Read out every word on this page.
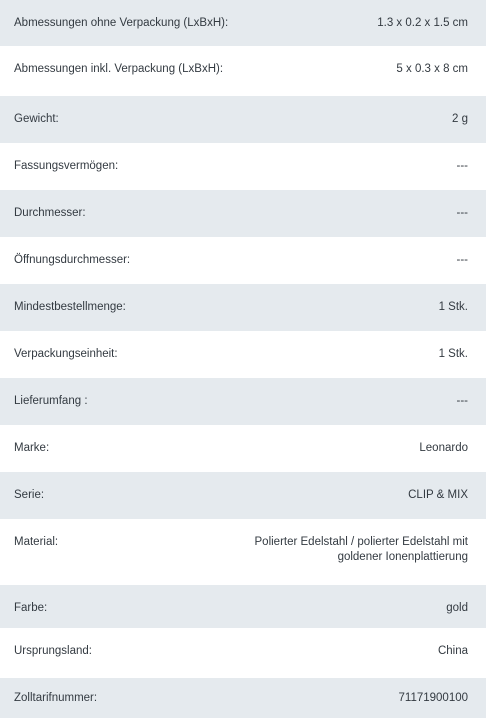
Abmessungen ohne Verpackung (LxBxH):	1.3 x 0.2 x 1.5 cm
Abmessungen inkl. Verpackung (LxBxH):	5 x 0.3 x 8 cm
Gewicht:	2 g
Fassungsvermögen:	---
Durchmesser:	---
Öffnungsdurchmesser:	---
Mindestbestellmenge:	1 Stk.
Verpackungseinheit:	1 Stk.
Lieferumfang :	---
Marke:	Leonardo
Serie:	CLIP & MIX
Material:	Polierter Edelstahl / polierter Edelstahl mit goldener Ionenplattierung
Farbe:	gold
Ursprungsland:	China
Zolltarifnummer:	71171900100
